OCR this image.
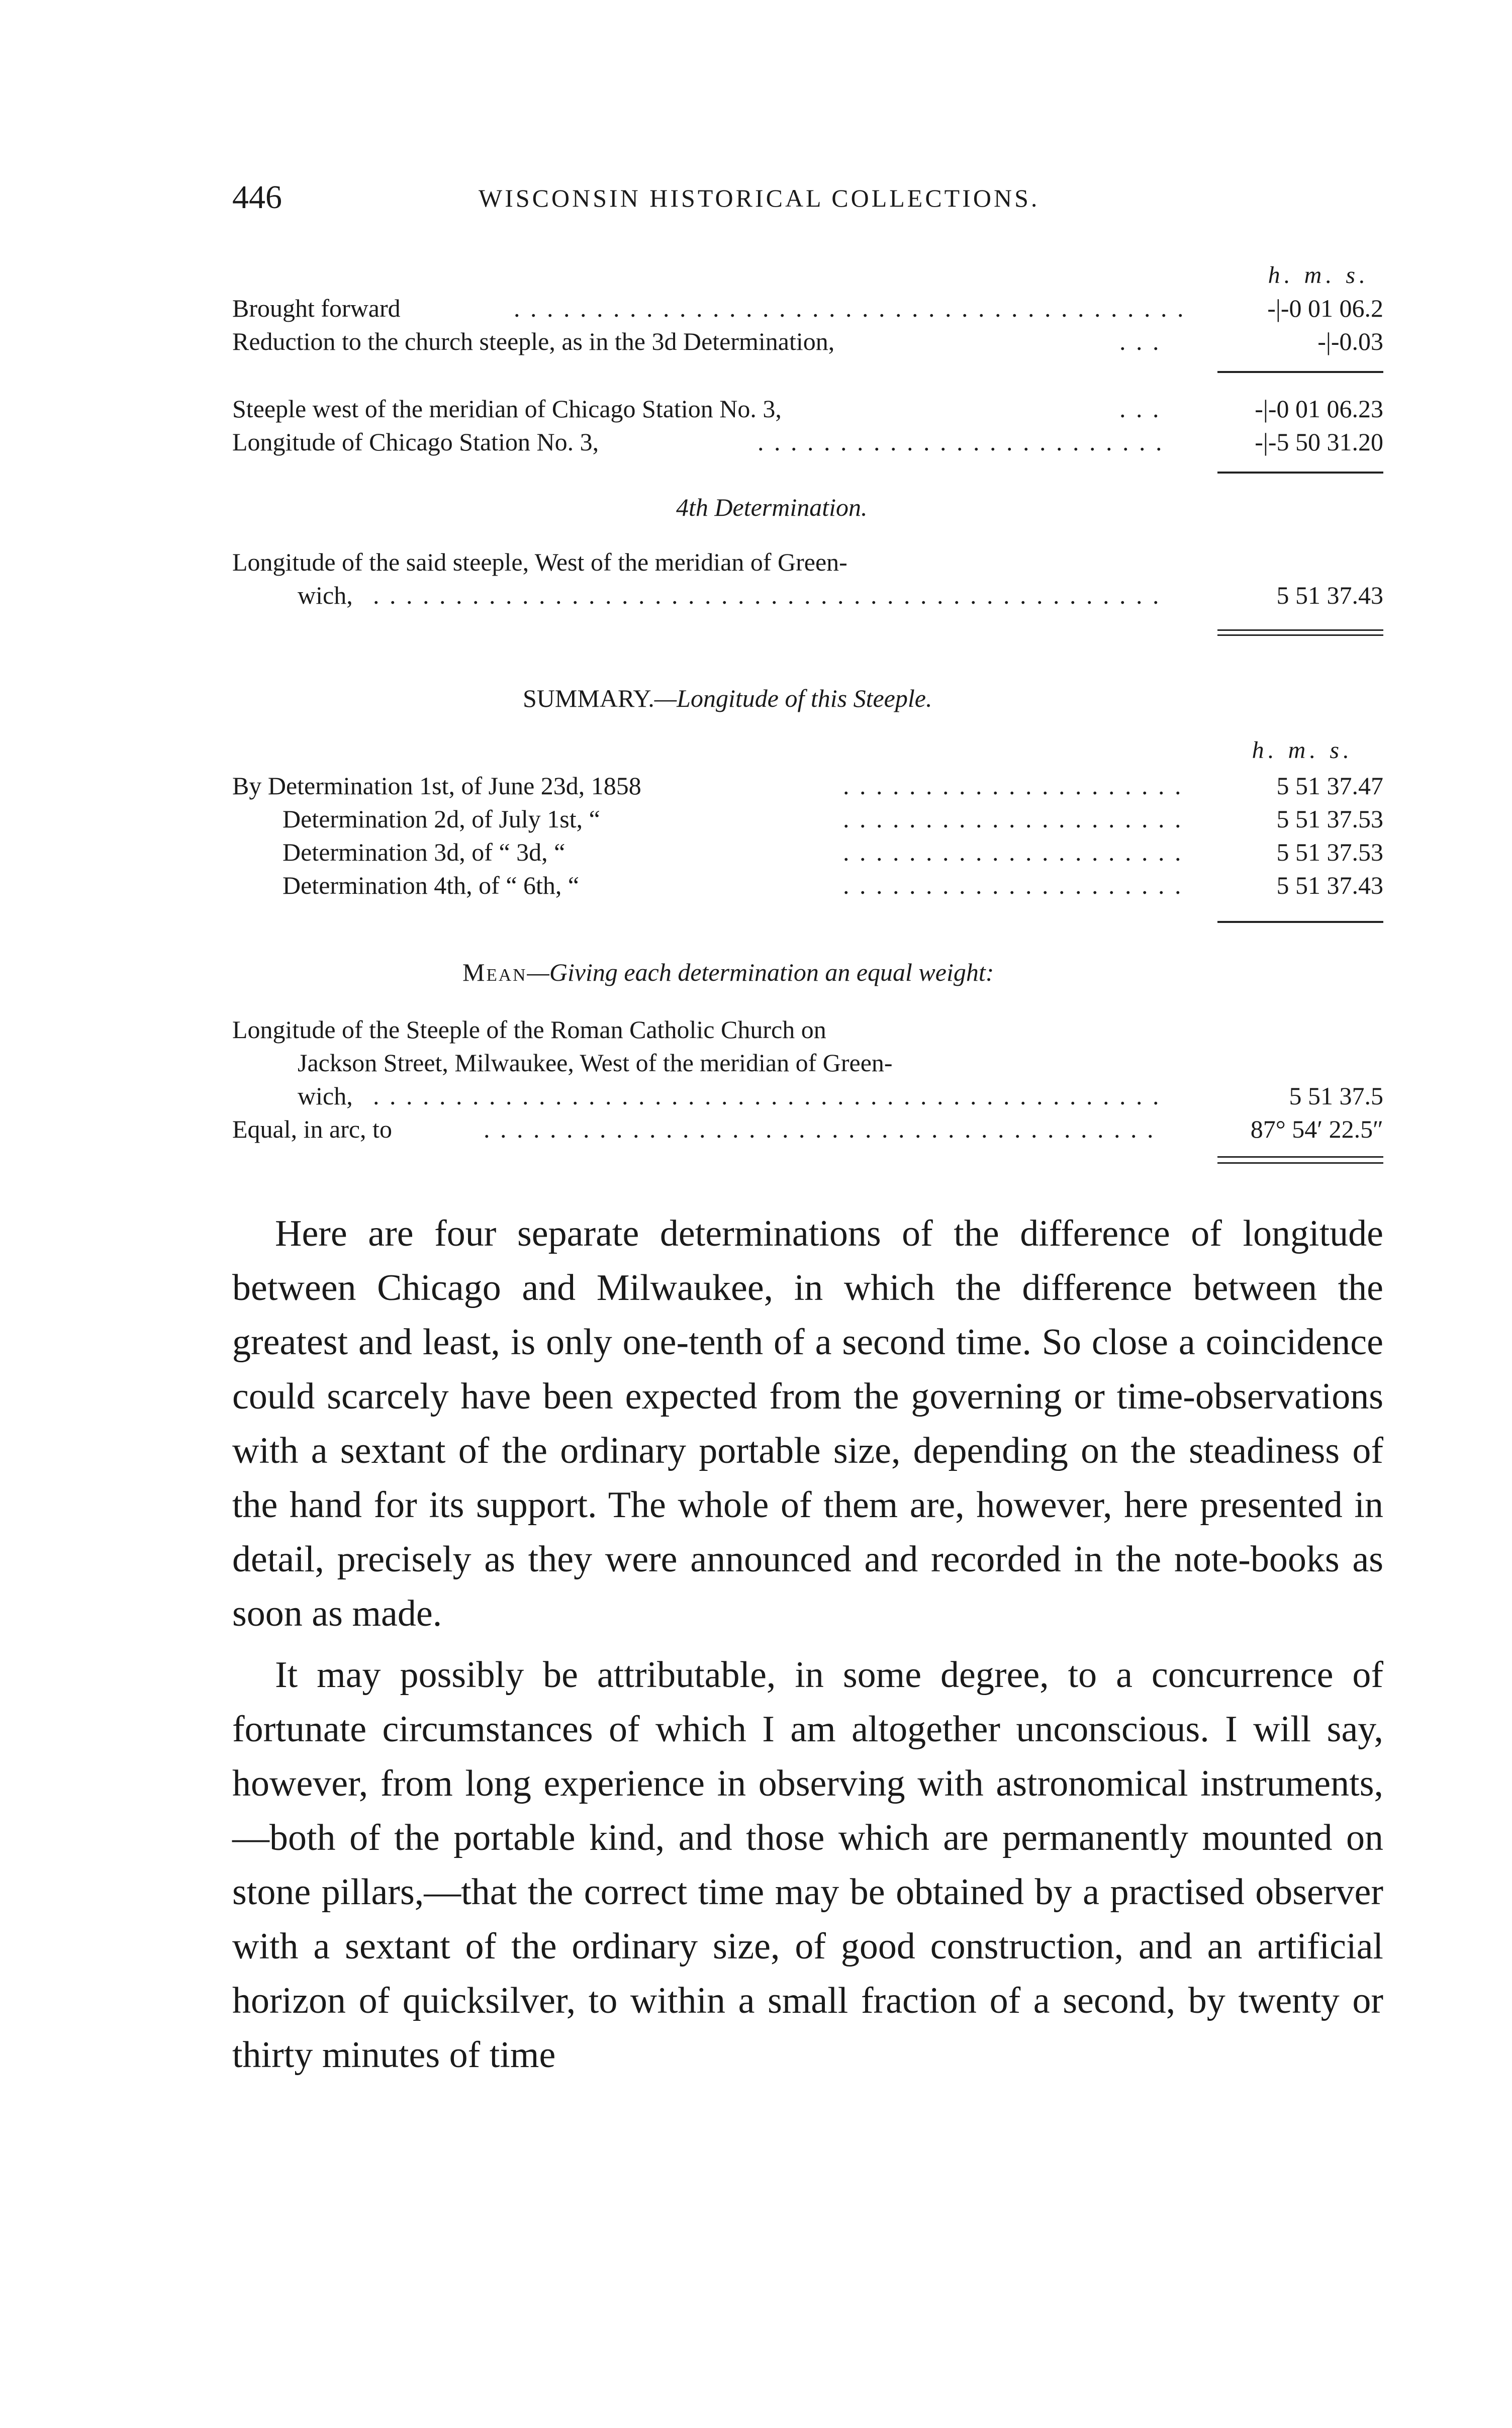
446	WISCONSIN HISTORICAL COLLECTIONS.
h. m. s.
Brought forward . . .	-|-0 01 06.2
Reduction to the church steeple, as in the 3d Determination, . . .	-|-0.03
Steeple west of the meridian of Chicago Station No. 3, . . .	-|-0 01 06.23
Longitude of Chicago Station No. 3, . . .	-|-5 50 31.20
4th Determination.
Longitude of the said steeple, West of the meridian of Green-
wich, . . .	5 51 37.43
SUMMARY.—Longitude of this Steeple.
h. m. s.
By Determination 1st, of June 23d, 1858 . . .	5 51 37.47
Determination 2d, of July 1st, “ . . .	5 51 37.53
Determination 3d, of “ 3d, “ . . .	5 51 37.53
Determination 4th, of “ 6th, “ . . .	5 51 37.43
Mean—Giving each determination an equal weight:
Longitude of the Steeple of the Roman Catholic Church on
Jackson Street, Milwaukee, West of the meridian of Green-
wich, . . .	5 51 37.5
Equal, in arc, to . . .	87° 54′ 22.5″

Here are four separate determinations of the difference of longitude between Chicago and Milwaukee, in which the difference between the greatest and least, is only one-tenth of a second time. So close a coincidence could scarcely have been expected from the governing or time-observations with a sextant of the ordinary portable size, depending on the steadiness of the hand for its support. The whole of them are, however, here presented in detail, precisely as they were announced and recorded in the note-books as soon as made.

It may possibly be attributable, in some degree, to a concurrence of fortunate circumstances of which I am altogether unconscious. I will say, however, from long experience in observing with astronomical instruments,—both of the portable kind, and those which are permanently mounted on stone pillars,—that the correct time may be obtained by a practised observer with a sextant of the ordinary size, of good construction, and an artificial horizon of quicksilver, to within a small fraction of a second, by twenty or thirty minutes of time
